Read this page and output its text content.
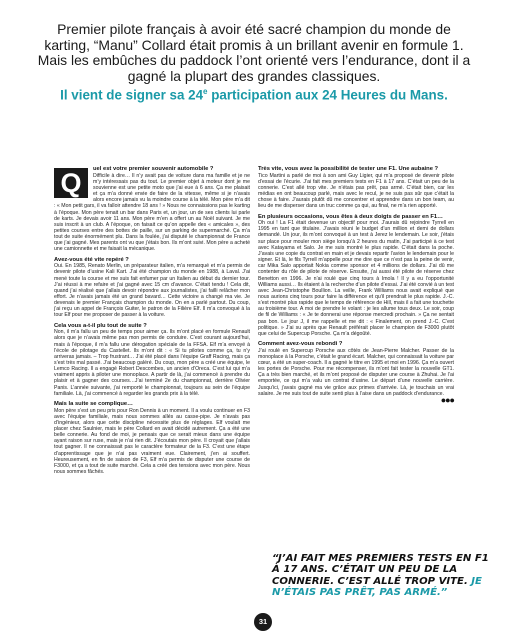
Premier pilote français à avoir été sacré champion du monde de karting, “Manu” Collard était promis à un brillant avenir en formule 1. Mais les embûches du paddock l’ont orienté vers l’endurance, dont il a gagné la plupart des grandes classiques.
Il vient de signer sa 24e participation aux 24 Heures du Mans.
Q	uel est votre premier souvenir automobile ?

Difficile à dire… Il n’y avait pas de voiture dans ma famille et je ne m’y intéressais pas du tout. Le premier objet à moteur dont je me souvienne est une petite moto que j’ai eue à 6 ans. Ça me plaisait et ça m’a donné envie de faire de la vitesse, même si je n’avais alors encore jamais vu la moindre course à la télé. Mon père m’a dit : « Mon petit gars, il va falloir attendre 18 ans ! » Nous ne connaissions pas le karting à l’époque. Mon père tenait un bar dans Paris et, un jour, un de ses clients lui parle de karts. Je devais avoir 11 ans. Mon père m’en a offert un au Noël suivant. Je me suis inscrit à un club. A l’époque, on faisait ce qu’on appelle des « amicales », des petites courses entre des bottes de paille, sur un parking de supermarché. Ça m’a tout de suite énormément plu. Dans la foulée, j’ai disputé le championnat de France que j’ai gagné. Mes parents ont vu que j’étais bon. Ils m’ont suivi. Mon père a acheté une camionnette et me faisait la mécanique.

Avez-vous été vite repéré ?

Oui. En 1985, Renato Merlin, un préparateur italien, m’a remarqué et m’a permis de devenir pilote d’usine Kali Kart. J’ai été champion du monde en 1988, à Laval. J’ai mené toute la course et me suis fait enfumer par un Italien au début du dernier tour. J’ai réussi à me refaire et j’ai gagné avec 15 cm d’avance. C’était tendu ! Cela dit, quand j’ai réalisé que j’allais devoir répondre aux journalistes, j’ai failli relâcher mon effort. Je n’avais jamais été un grand bavard… Cette victoire a changé ma vie. Je devenais le premier Français champion du monde. On en a parlé partout. Du coup, j’ai reçu un appel de François Guiter, le patron de la Filière Elf. Il m’a convoqué à la tour Elf pour me proposer de passer à la voiture.

Cela vous a-t-il plu tout de suite ?

Non, il m’a fallu un peu de temps pour aimer ça. Ils m’ont placé en formule Renault alors que je n’avais même pas mon permis de conduire. C’est courant aujourd’hui, mais à l’époque, il m’a fallu une dérogation spéciale de la FFSA. Elf m’a envoyé à l’école de pilotage du Castellet. Ils m’ont dit : « Si tu pilotes comme ça, tu n’y arriveras jamais. – Trop frustrant… J’ai été placé dans l’équipe Graff Racing, mais ça s’est très mal passé. J’ai beaucoup galéré. Du coup, mon père a créé une équipe, le Lemco Racing. Il a engagé Robert Descombes, un ancien d’Oreca. C’est lui qui m’a vraiment appris à piloter une monoplace. A partir de là, j’ai commencé à prendre du plaisir et à gagner des courses…J’ai terminé 2e du championnat, derrière Olivier Panis. L’année suivante, j’ai remporté le championnat, toujours au sein de l’équipe familiale. Là, j’ai commencé à regarder les grands prix à la télé.

Mais la suite se complique…

Mon père s’est un peu pris pour Ron Dennis à un moment. Il a voulu continuer en F3 avec l’équipe familiale, mais nous sommes allés au casse-pipe. Je n’avais pas d’ingénieur, alors que cette discipline nécessite plus de réglages. Elf voulait me placer chez Saulnier, mais le père Collard en avait décidé autrement. Ça a été une belle connerie. Au fond de moi, je pensais que ce serait mieux dans une équipe ayant raison sur ruse, mais je n’ai rien dit. J’écoutais mon père. Il croyait que j’allais tout gagner. Il ne connaissait pas le caractère formateur de la F3. C’est une étape d’apprentissage que je n’ai pas vraiment eue. Clairement, j’en ai souffert. Heureusement, en fin de saison de F3, Elf m’a permis de disputer une course de F3000, et ça a tout de suite marché. Cela a créé des tensions avec mon père. Nous nous sommes fâchés.

Très vite, vous avez la possibilité de tester une F1. Une aubaine ?

Tico Martini a parlé de moi à son ami Guy Ligier, qui m’a proposé de devenir pilote d’essai de l’écurie. J’ai fait mes premiers tests en F1 à 17 ans. C’était un peu de la connerie. C’est allé trop vite. Je n’étais pas prêt, pas armé. C’était bien, car les médias en ont beaucoup parlé, mais avec le recul, je ne suis pas sûr que c’était la chose à faire. J’aurais plutôt dû me concentrer et apprendre dans un bon team, au lieu de me disperser dans un truc comme ça qui, au final, ne m’a rien apporté.

En plusieurs occasions, vous êtes à deux doigts de passer en F1…

Oh oui ! La F1 était devenue un objectif pour moi. J’aurais dû rejoindre Tyrrell en 1995 en tant que titulaire. J’avais réuni le budget d’un million et demi de dollars demandé. Un jour, ils m’ont convoqué à un test à Jerez le lendemain. Le soir, j’étais sur place pour mouler mon siège lorsqu’à 2 heures du matin, J’ai participé à ce test avec Katayama et Salo. Je me suis montré le plus rapide. C’était dans la poche. J’avais une copie du contrat en main et je devais repartir l’avion le lendemain pour le signer. Et là, le fils Tyrrell m’appelle pour me dire que ce n’est pas la peine de venir, car Mika Salo apportait Nokia comme sponsor et 4 millions de dollars. J’ai dû me contenter du rôle de pilote de réserve. Ensuite, j’ai aussi été pilote de réserve chez Benetton en 1996. Je n’ai roulé que cinq tours à Imola ! Il y a eu l’opportunité Williams aussi… Ils étaient à la recherche d’un pilote d’essai. J’ai été convié à un test avec Jean-Christophe Boullion. La veille, Frank Williams nous avait expliqué que nous aurions cinq tours pour faire la différence et qu’il prendrait le plus rapide. J.-C. s’est montré plus rapide que le temps de référence de Hill, mais il a fait une touchette au troisième tour. A moi de prendre le volant : je les allume tous deux. Le soir, coup de fil de Williams : « Je te donnerai une réponse mercredi prochain. » Ça ne sentait pas bon. Le jour J, il me rappelle et me dit : « Finalement, on prend J.-C. C’est politique. » J’ai su après que Renault préférait placer le champion de F3000 plutôt que celui de Supercup Porsche. Ça m’a dégoûté.

Comment avez-vous rebondi ?

J’ai roulé en Supercup Porsche aux côtés de Jean-Pierre Malcher. Passer de la monoplace à la Porsche, c’était le grand écart. Malcher, qui connaissait la voiture par cœur, a été un super-coach. Il a gagné le titre en 1995 et moi en 1996. Ça m’a ouvert les portes de Porsche. Pour me récompenser, ils m’ont fait tester la nouvelle GT1. Ça a très bien marché, et ils m’ont proposé de disputer une course à Zhuhai. Je l’ai emportée, ce qui m’a valu un contrat d’usine. Le départ d’une nouvelle carrière. Jusqu’ici, j’avais gagné ma vie grâce aux primes d’arrivée. Là, je touchais un vrai salaire. Je me suis tout de suite senti plus à l’aise dans un paddock d’endurance.

●●●
“J’AI FAIT MES PREMIERS TESTS EN F1 À 17 ANS. C’ÉTAIT UN PEU DE LA CONNERIE. C’EST ALLÉ TROP VITE. JE N’ÉTAIS PAS PRÊT, PAS ARMÉ.”
31
